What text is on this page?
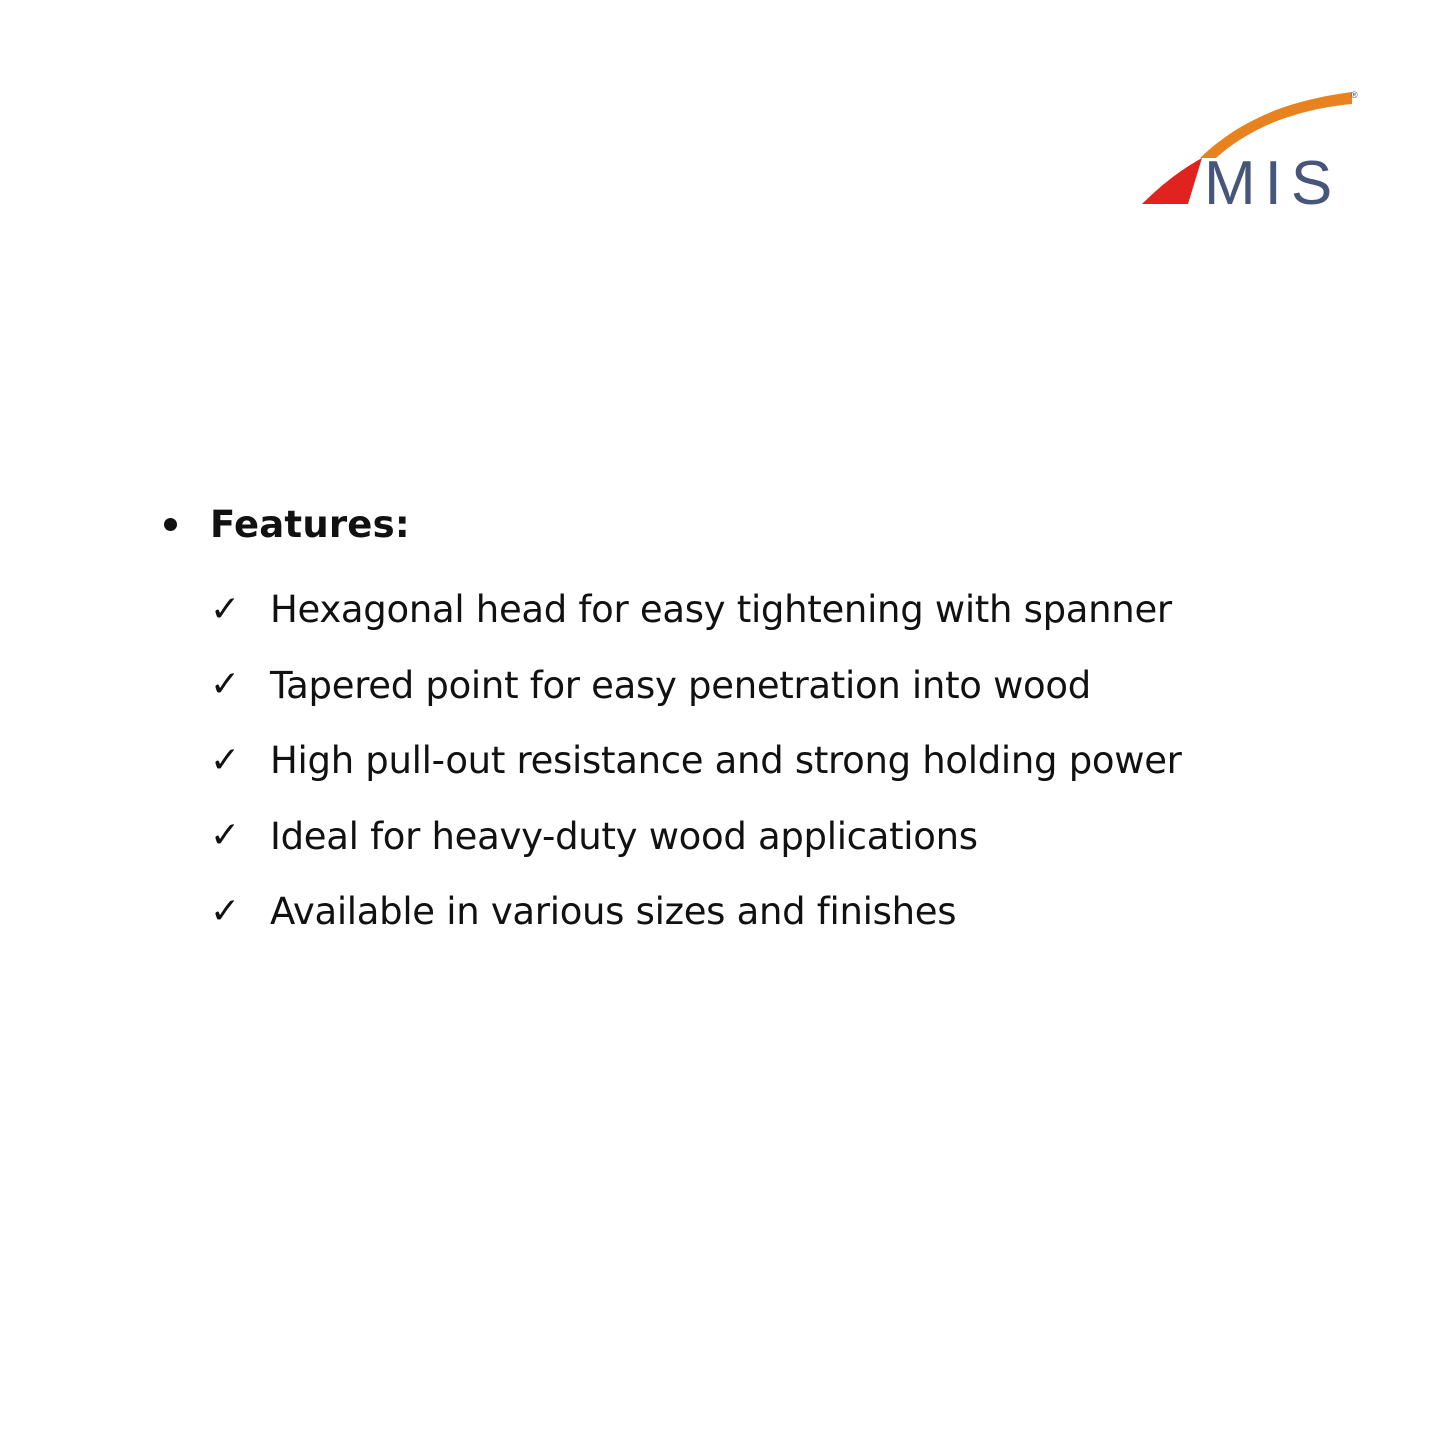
®
MIS
Features:
✓ Hexagonal head for easy tightening with spanner
✓ Tapered point for easy penetration into wood
✓ High pull-out resistance and strong holding power
✓ Ideal for heavy-duty wood applications
✓ Available in various sizes and finishes
